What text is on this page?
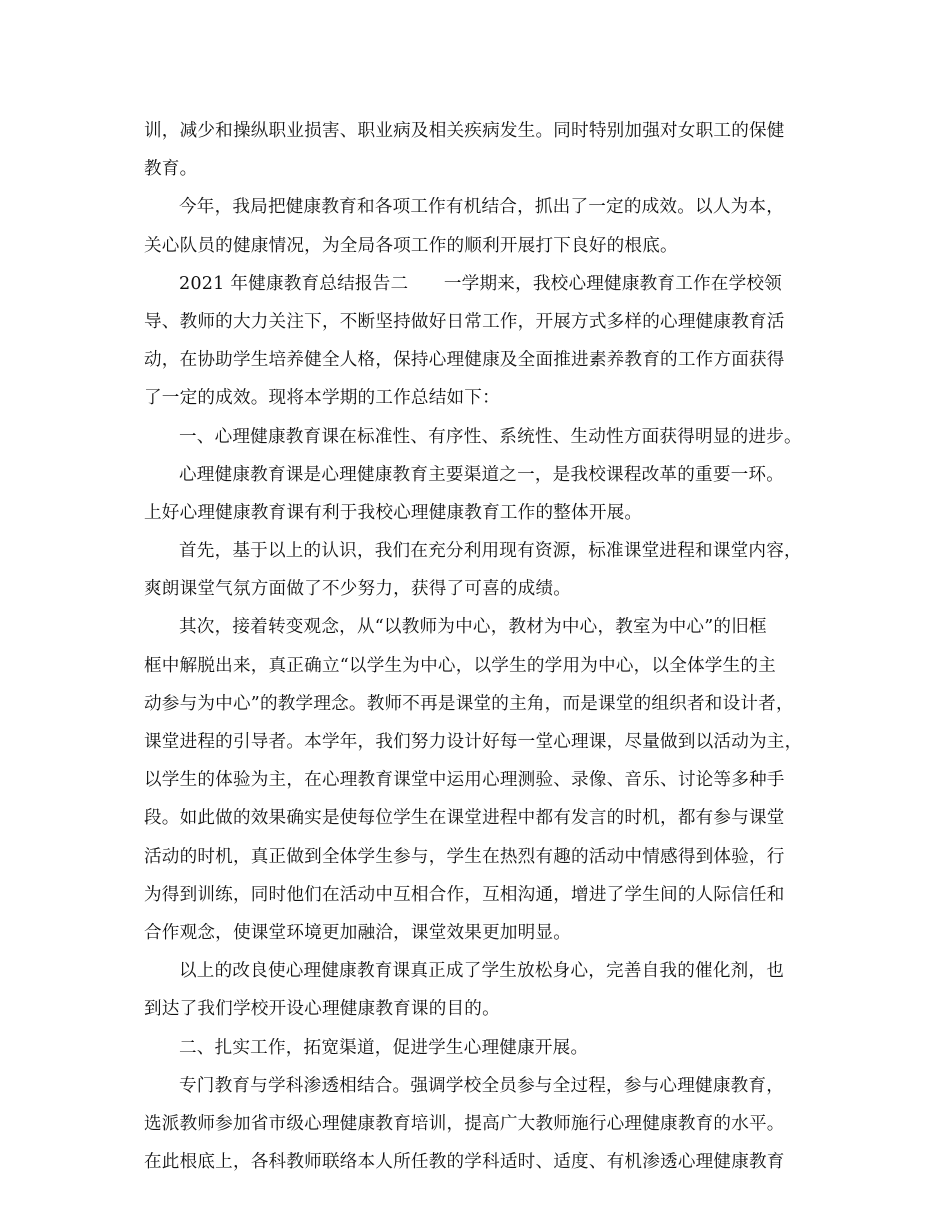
训，减少和操纵职业损害、职业病及相关疾病发生。同时特别加强对女职工的保健
教育。
今年，我局把健康教育和各项工作有机结合，抓出了一定的成效。以人为本，
关心队员的健康情况，为全局各项工作的顺利开展打下良好的根底。
2021 年健康教育总结报告二　　一学期来，我校心理健康教育工作在学校领
导、教师的大力关注下，不断坚持做好日常工作，开展方式多样的心理健康教育活
动，在协助学生培养健全人格，保持心理健康及全面推进素养教育的工作方面获得
了一定的成效。现将本学期的工作总结如下：
一、心理健康教育课在标准性、有序性、系统性、生动性方面获得明显的进步。
心理健康教育课是心理健康教育主要渠道之一，是我校课程改革的重要一环。
上好心理健康教育课有利于我校心理健康教育工作的整体开展。
首先，基于以上的认识，我们在充分利用现有资源，标准课堂进程和课堂内容，
爽朗课堂气氛方面做了不少努力，获得了可喜的成绩。
其次，接着转变观念，从“以教师为中心，教材为中心，教室为中心”的旧框
框中解脱出来，真正确立“以学生为中心，以学生的学用为中心，以全体学生的主
动参与为中心”的教学理念。教师不再是课堂的主角，而是课堂的组织者和设计者，
课堂进程的引导者。本学年，我们努力设计好每一堂心理课，尽量做到以活动为主，
以学生的体验为主，在心理教育课堂中运用心理测验、录像、音乐、讨论等多种手
段。如此做的效果确实是使每位学生在课堂进程中都有发言的时机，都有参与课堂
活动的时机，真正做到全体学生参与，学生在热烈有趣的活动中情感得到体验，行
为得到训练，同时他们在活动中互相合作，互相沟通，增进了学生间的人际信任和
合作观念，使课堂环境更加融洽，课堂效果更加明显。
以上的改良使心理健康教育课真正成了学生放松身心，完善自我的催化剂，也
到达了我们学校开设心理健康教育课的目的。
二、扎实工作，拓宽渠道，促进学生心理健康开展。
专门教育与学科渗透相结合。强调学校全员参与全过程，参与心理健康教育，
选派教师参加省市级心理健康教育培训，提高广大教师施行心理健康教育的水平。
在此根底上，各科教师联络本人所任教的学科适时、适度、有机渗透心理健康教育
